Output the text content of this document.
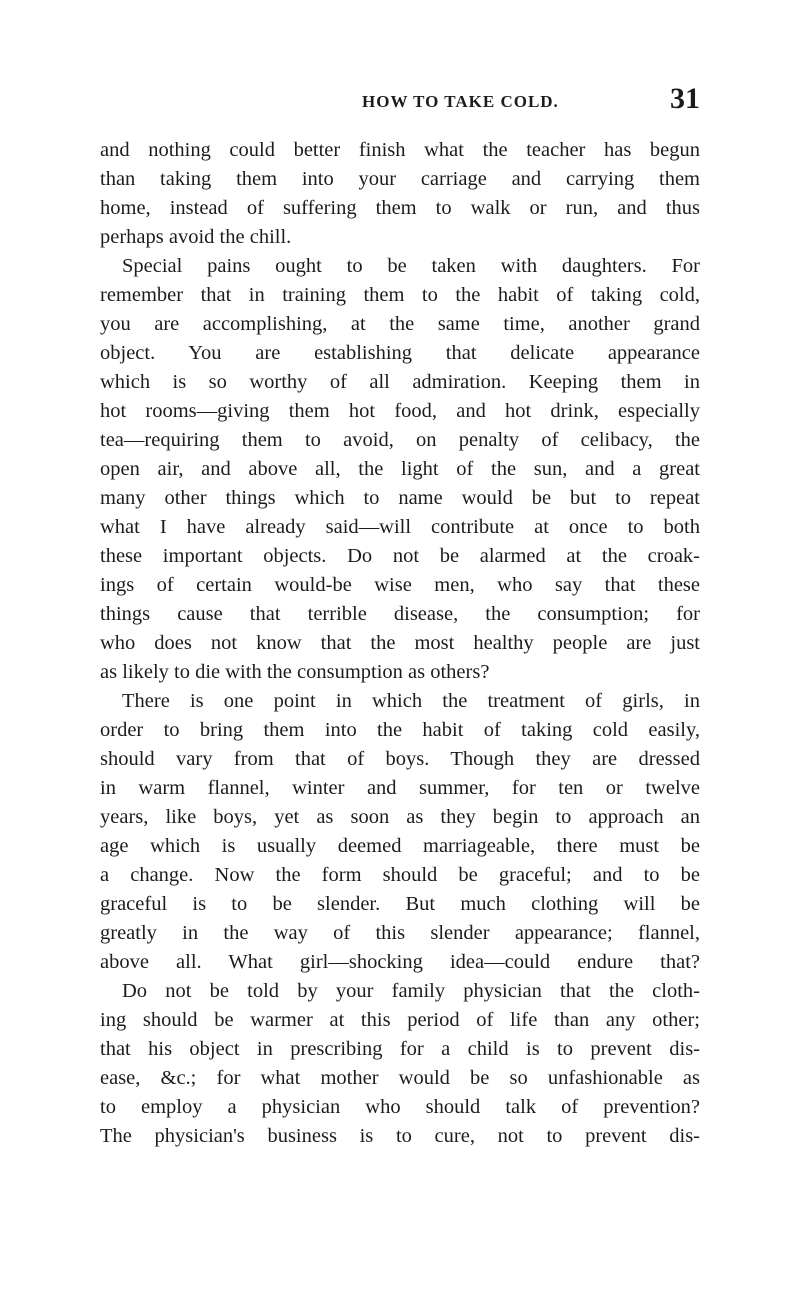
HOW TO TAKE COLD.	31
and nothing could better finish what the teacher has begun
than taking them into your carriage and carrying them
home, instead of suffering them to walk or run, and thus
perhaps avoid the chill.
Special pains ought to be taken with daughters. For
remember that in training them to the habit of taking cold,
you are accomplishing, at the same time, another grand
object. You are establishing that delicate appearance
which is so worthy of all admiration. Keeping them in
hot rooms—giving them hot food, and hot drink, especially
tea—requiring them to avoid, on penalty of celibacy, the
open air, and above all, the light of the sun, and a great
many other things which to name would be but to repeat
what I have already said—will contribute at once to both
these important objects. Do not be alarmed at the croak-
ings of certain would-be wise men, who say that these
things cause that terrible disease, the consumption; for
who does not know that the most healthy people are just
as likely to die with the consumption as others?
There is one point in which the treatment of girls, in
order to bring them into the habit of taking cold easily,
should vary from that of boys. Though they are dressed
in warm flannel, winter and summer, for ten or twelve
years, like boys, yet as soon as they begin to approach an
age which is usually deemed marriageable, there must be
a change. Now the form should be graceful; and to be
graceful is to be slender. But much clothing will be
greatly in the way of this slender appearance; flannel,
above all. What girl—shocking idea—could endure that?
Do not be told by your family physician that the cloth-
ing should be warmer at this period of life than any other;
that his object in prescribing for a child is to prevent dis-
ease, &c.; for what mother would be so unfashionable as
to employ a physician who should talk of prevention?
The physician's business is to cure, not to prevent dis-
